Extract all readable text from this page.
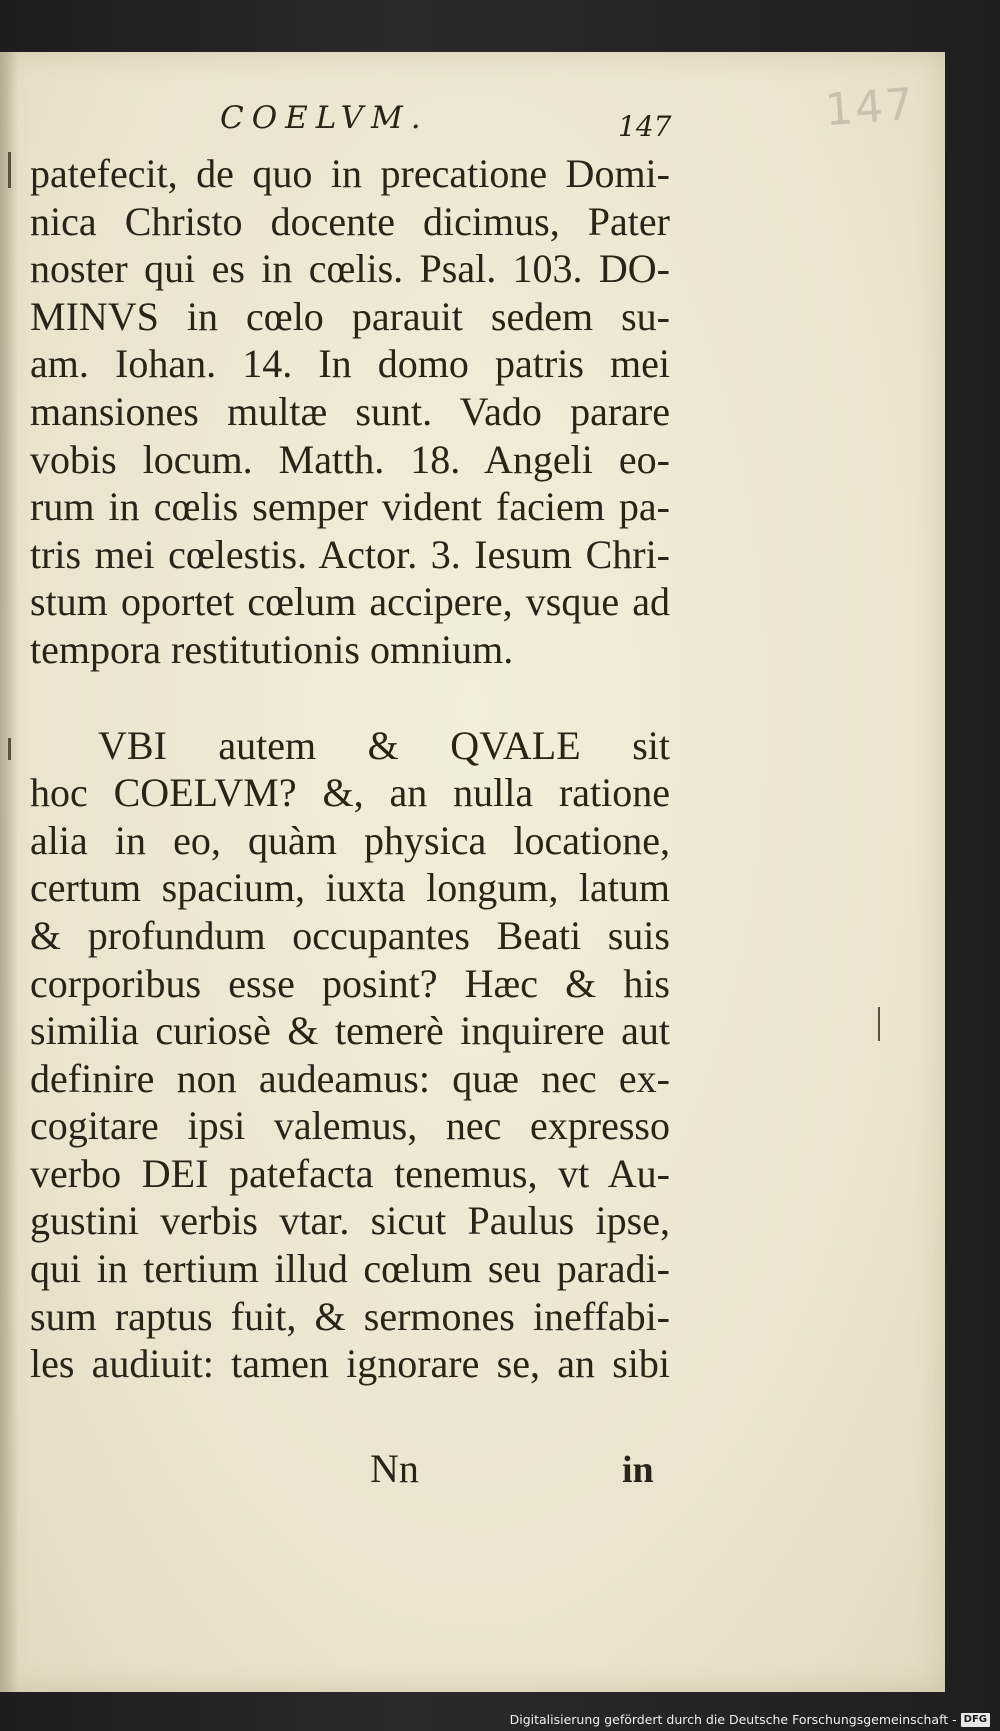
147
COELVM.	147
patefecit, de quo in precatione Domi-
nica Christo docente dicimus, Pater
noster qui es in cœlis. Psal. 103. DO-
MINVS in cœlo parauit sedem su-
am. Iohan. 14. In domo patris mei
mansiones multæ sunt. Vado parare
vobis locum. Matth. 18. Angeli eo-
rum in cœlis semper vident faciem pa-
tris mei cœlestis. Actor. 3. Iesum Chri-
stum oportet cœlum accipere, vsque ad
tempora restitutionis omnium.
VBI autem & QVALE sit
hoc COELVM? &, an nulla ratione
alia in eo, quàm physica locatione,
certum spacium, iuxta longum, latum
& profundum occupantes Beati suis
corporibus esse posint? Hæc & his
similia curiosè & temerè inquirere aut
definire non audeamus: quæ nec ex-
cogitare ipsi valemus, nec expresso
verbo DEI patefacta tenemus, vt Au-
gustini verbis vtar. sicut Paulus ipse,
qui in tertium illud cœlum seu paradi-
sum raptus fuit, & sermones ineffabi-
les audiuit: tamen ignorare se, an sibi
Nn	in
Digitalisierung gefördert durch die Deutsche Forschungsgemeinschaft - DFG
